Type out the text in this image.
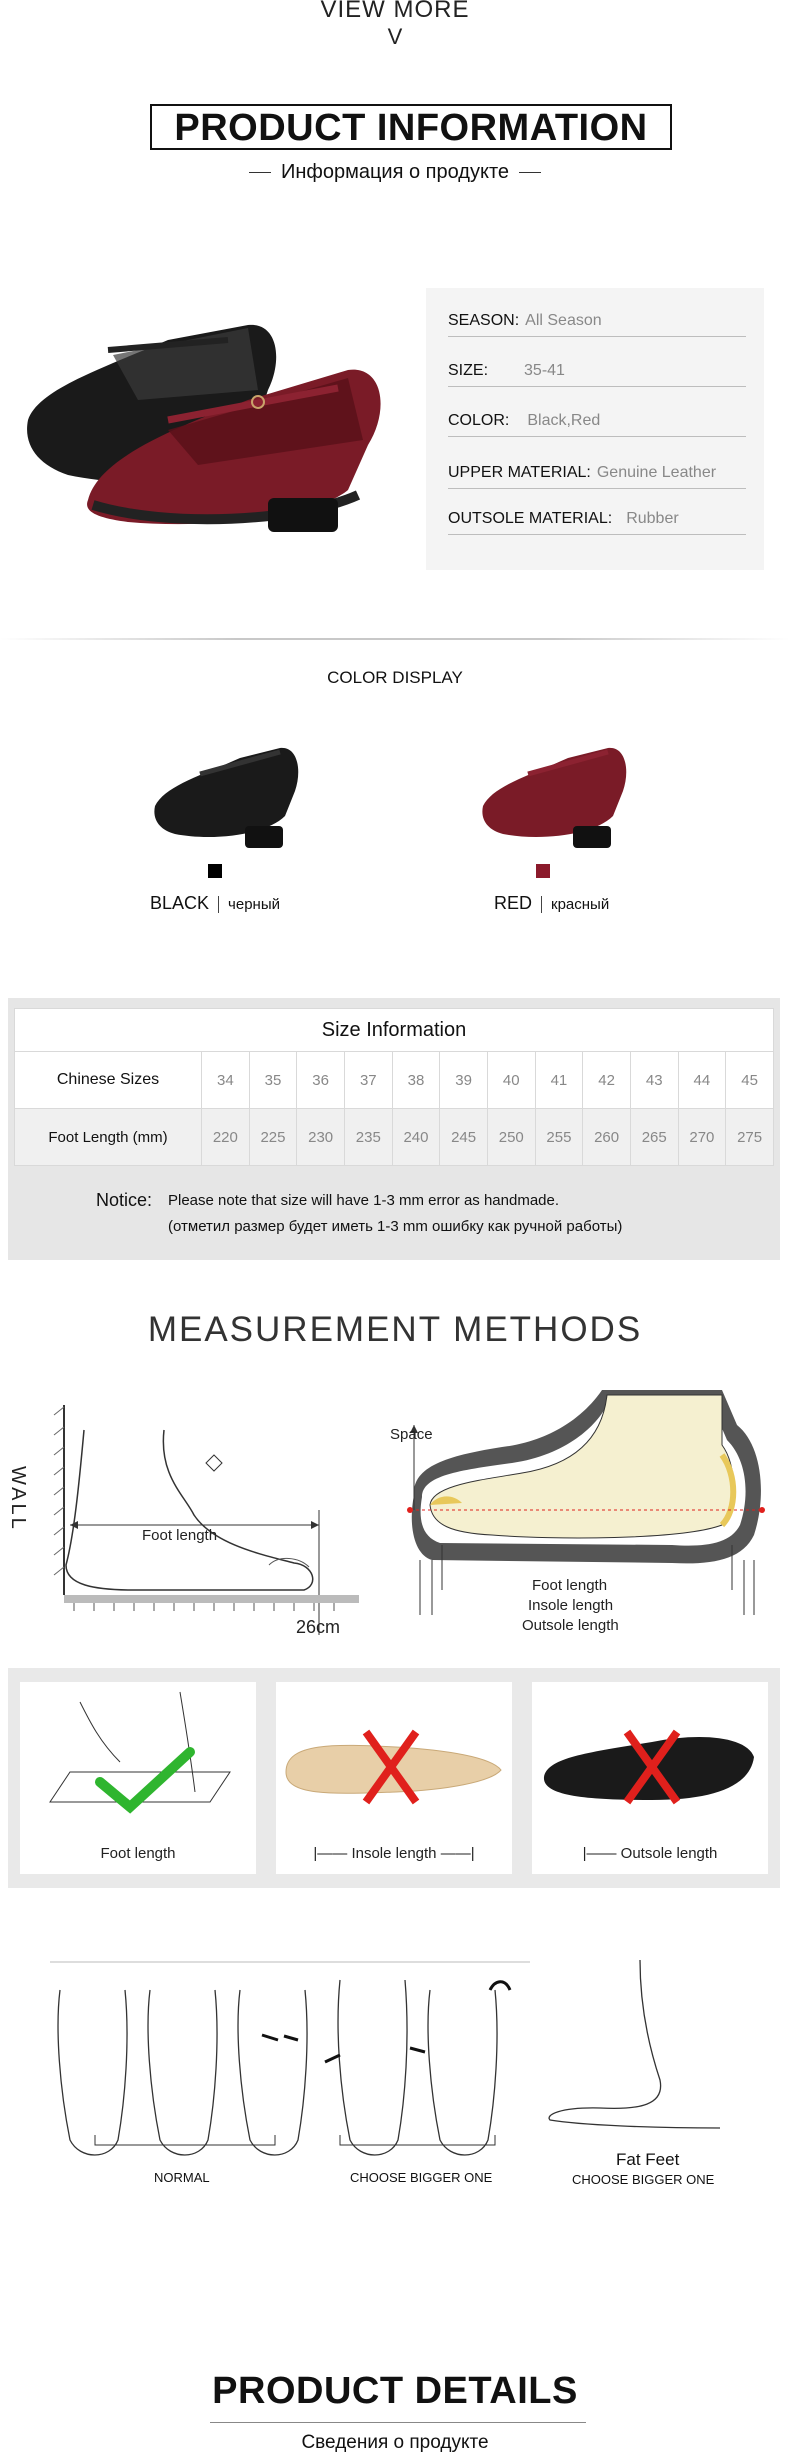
VIEW MORE
V
PRODUCT INFORMATION
Информация о продукте
SEASON: All Season
SIZE: 35-41
COLOR: Black,Red
UPPER MATERIAL: Genuine Leather
OUTSOLE MATERIAL: Rubber
COLOR DISPLAY
BLACK черный	RED красный
Size Information												
Chinese Sizes	34	35	36	37	38	39	40	41	42	43	44	45
Foot Length (mm)	220	225	230	235	240	245	250	255	260	265	270	275
Notice: Please note that size will have 1-3 mm error as handmade.
(отметил размер будет иметь 1-3 mm ошибку как ручной работы)
MEASUREMENT METHODS
WALL
Foot length
26cm
Space
Foot length
Insole length
Outsole length
Foot length	|—— Insole length ——|	|—— Outsole length
NORMAL	CHOOSE BIGGER ONE
Fat Feet
CHOOSE BIGGER ONE
PRODUCT DETAILS
Сведения о продукте
